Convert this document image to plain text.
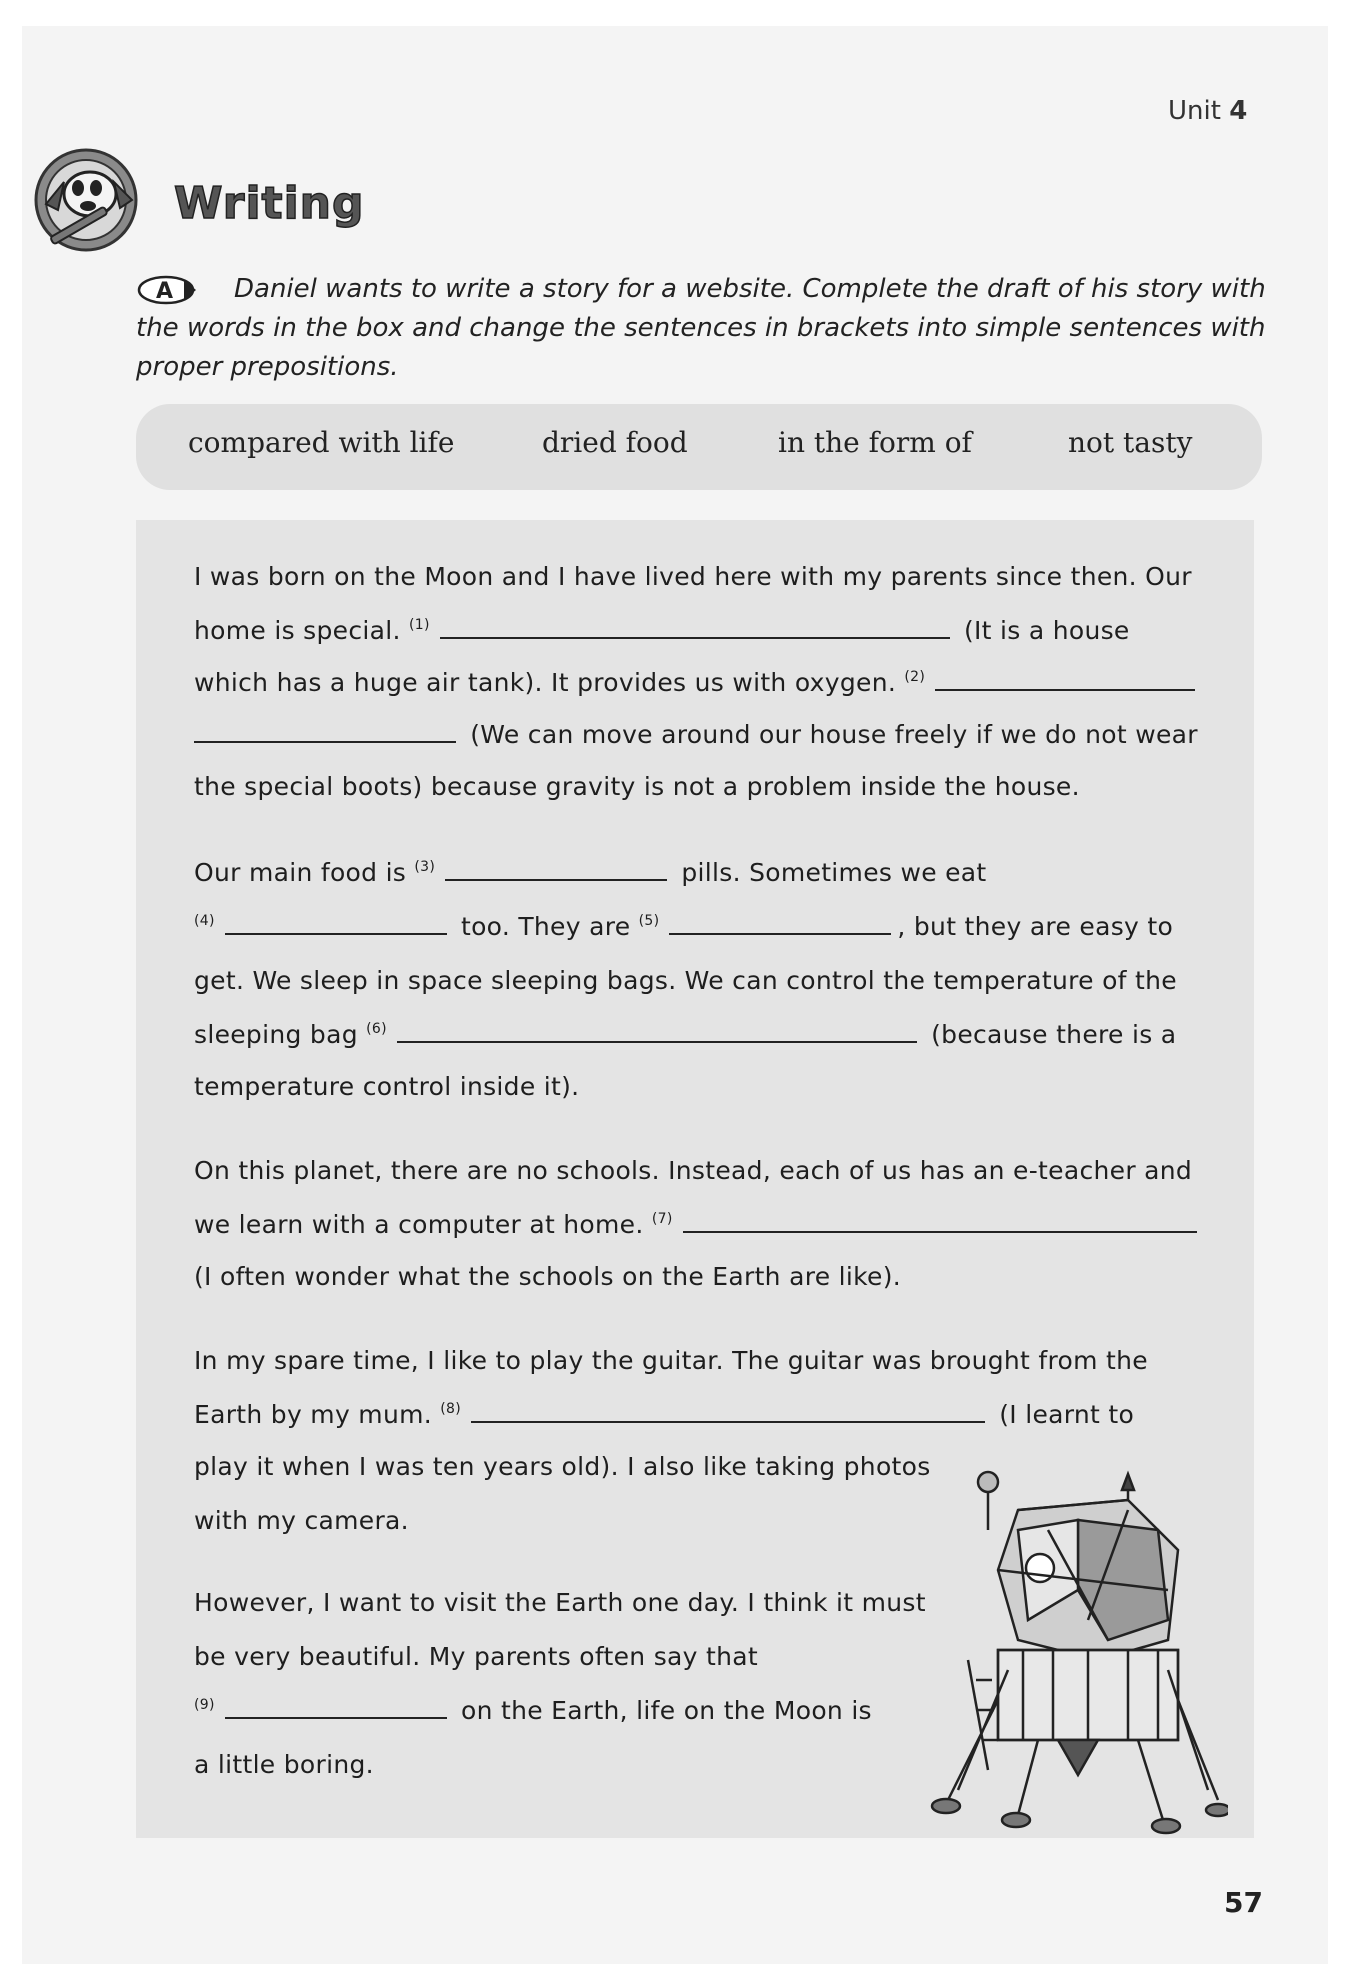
Unit 4
Writing
A	Daniel wants to write a story for a website. Complete the draft of his story with the words in the box and change the sentences in brackets into simple sentences with proper prepositions.
compared with life	dried food	in the form of	not tasty
I was born on the Moon and I have lived here with my parents since then. Our
home is special. $^{(1)}$	(It is a house
which has a huge air tank). It provides us with oxygen. $^{(2)}$
(We can move around our house freely if we do not wear
the special boots) because gravity is not a problem inside the house.
Our main food is $^{(3)}$	pills. Sometimes we eat
$^{(4)}$	too. They are $^{(5)}$	, but they are easy to
get. We sleep in space sleeping bags. We can control the temperature of the
sleeping bag $^{(6)}$	(because there is a
temperature control inside it).
On this planet, there are no schools. Instead, each of us has an e-teacher and
we learn with a computer at home. $^{(7)}$
(I often wonder what the schools on the Earth are like).
In my spare time, I like to play the guitar. The guitar was brought from the
Earth by my mum. $^{(8)}$	(I learnt to
play it when I was ten years old). I also like taking photos
with my camera.
However, I want to visit the Earth one day. I think it must
be very beautiful. My parents often say that
$^{(9)}$	on the Earth, life on the Moon is
a little boring.
57
